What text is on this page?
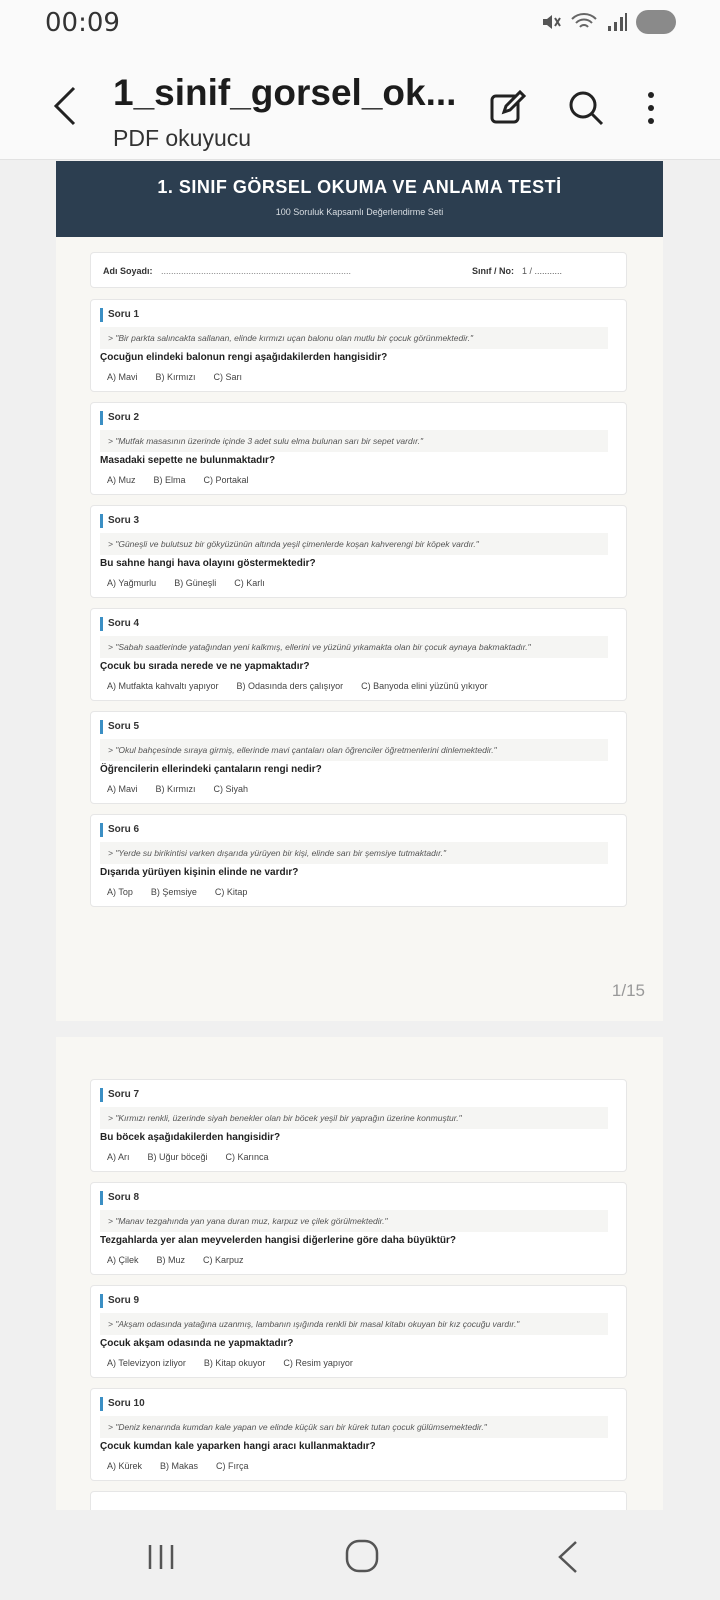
00:09
1_sinif_gorsel_ok...
PDF okuyucu
1. SINIF GÖRSEL OKUMA VE ANLAMA TESTİ
100 Soruluk Kapsamlı Değerlendirme Seti
Adı Soyadı: ............................................................................	Sınıf / No: 1 / ...........
Soru 1
> "Bir parkta salıncakta sallanan, elinde kırmızı uçan balonu olan mutlu bir çocuk görünmektedir."
Çocuğun elindeki balonun rengi aşağıdakilerden hangisidir?
A) Mavi B) Kırmızı C) Sarı
Soru 2
> "Mutfak masasının üzerinde içinde 3 adet sulu elma bulunan sarı bir sepet vardır."
Masadaki sepette ne bulunmaktadır?
A) Muz B) Elma C) Portakal
Soru 3
> "Güneşli ve bulutsuz bir gökyüzünün altında yeşil çimenlerde koşan kahverengi bir köpek vardır."
Bu sahne hangi hava olayını göstermektedir?
A) Yağmurlu B) Güneşli C) Karlı
Soru 4
> "Sabah saatlerinde yatağından yeni kalkmış, ellerini ve yüzünü yıkamakta olan bir çocuk aynaya bakmaktadır."
Çocuk bu sırada nerede ve ne yapmaktadır?
A) Mutfakta kahvaltı yapıyor B) Odasında ders çalışıyor C) Banyoda elini yüzünü yıkıyor
Soru 5
> "Okul bahçesinde sıraya girmiş, ellerinde mavi çantaları olan öğrenciler öğretmenlerini dinlemektedir."
Öğrencilerin ellerindeki çantaların rengi nedir?
A) Mavi B) Kırmızı C) Siyah
Soru 6
> "Yerde su birikintisi varken dışarıda yürüyen bir kişi, elinde sarı bir şemsiye tutmaktadır."
Dışarıda yürüyen kişinin elinde ne vardır?
A) Top B) Şemsiye C) Kitap
1/15
Soru 7
> "Kırmızı renkli, üzerinde siyah benekler olan bir böcek yeşil bir yaprağın üzerine konmuştur."
Bu böcek aşağıdakilerden hangisidir?
A) Arı B) Uğur böceği C) Karınca
Soru 8
> "Manav tezgahında yan yana duran muz, karpuz ve çilek görülmektedir."
Tezgahlarda yer alan meyvelerden hangisi diğerlerine göre daha büyüktür?
A) Çilek B) Muz C) Karpuz
Soru 9
> "Akşam odasında yatağına uzanmış, lambanın ışığında renkli bir masal kitabı okuyan bir kız çocuğu vardır."
Çocuk akşam odasında ne yapmaktadır?
A) Televizyon izliyor B) Kitap okuyor C) Resim yapıyor
Soru 10
> "Deniz kenarında kumdan kale yapan ve elinde küçük sarı bir kürek tutan çocuk gülümsemektedir."
Çocuk kumdan kale yaparken hangi aracı kullanmaktadır?
A) Kürek B) Makas C) Fırça
